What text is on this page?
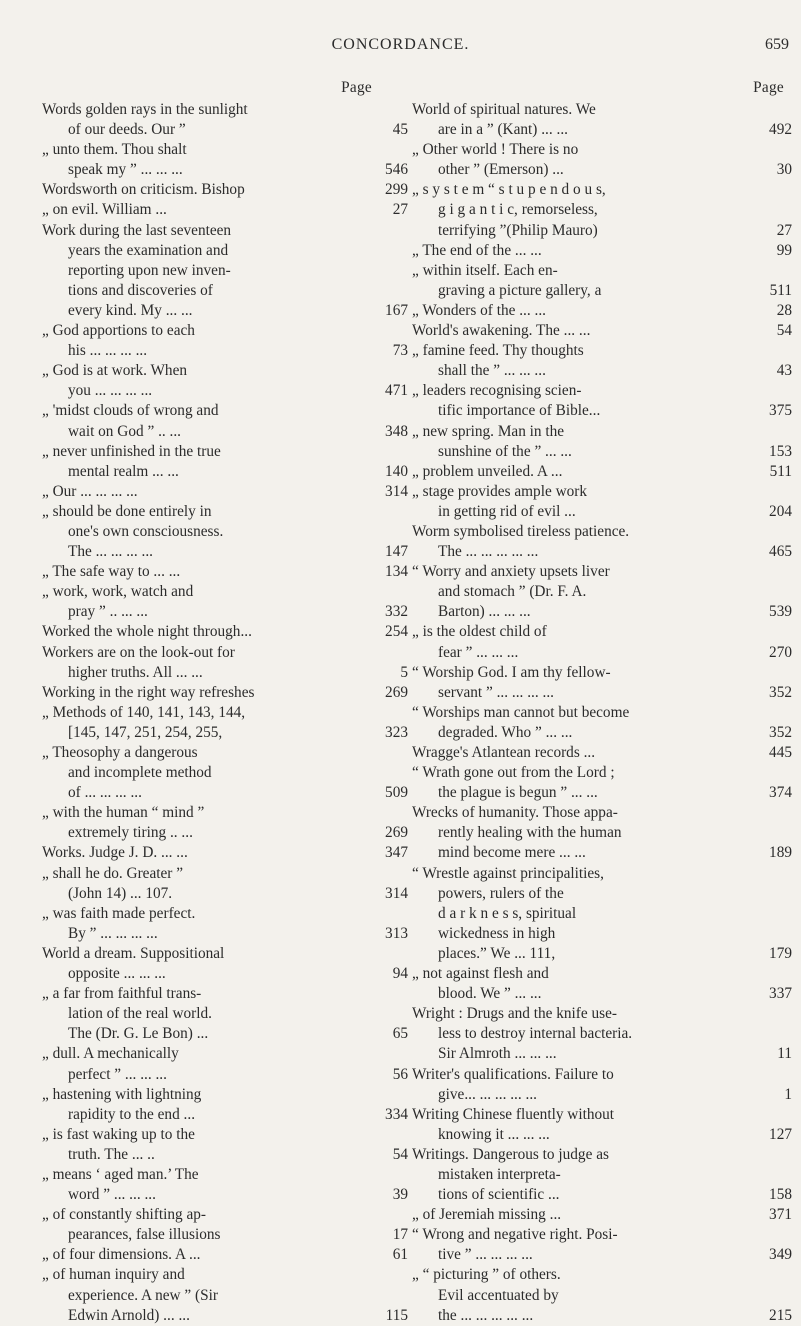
CONCORDANCE.	659
Page
Words golden rays in the sunlight
of our deeds. Our ”	45
„ unto them. Thou shalt
speak my ” ... ... ...	546
Wordsworth on criticism. Bishop	299
„ on evil. William ...	27
Work during the last seventeen
years the examination and
reporting upon new inven-
tions and discoveries of
every kind. My ... ...	167
„ God apportions to each
his ... ... ... ...	73
„ God is at work. When
you ... ... ... ...	471
„ 'midst clouds of wrong and
wait on God ” .. ...	348
„ never unfinished in the true
mental realm ... ...	140
„ Our ... ... ... ...	314
„ should be done entirely in
one's own consciousness.
The ... ... ... ...	147
„ The safe way to ... ...	134
„ work, work, watch and
pray ” .. ... ...	332
Worked the whole night through...	254
Workers are on the look-out for
higher truths. All ... ...	5
Working in the right way refreshes	269
„ Methods of 140, 141, 143, 144,
[145, 147, 251, 254, 255,	323
„ Theosophy a dangerous
and incomplete method
of ... ... ... ...	509
„ with the human “ mind ”
extremely tiring .. ...	269
Works. Judge J. D. ... ...	347
„ shall he do. Greater ”
(John 14) ... 107.	314
„ was faith made perfect.
By ” ... ... ... ...	313
World a dream. Suppositional
opposite ... ... ...	94
„ a far from faithful trans-
lation of the real world.
The (Dr. G. Le Bon) ...	65
„ dull. A mechanically
perfect ” ... ... ...	56
„ hastening with lightning
rapidity to the end ...	334
„ is fast waking up to the
truth. The ... ..	54
„ means ‘ aged man.’ The
word ” ... ... ...	39
„ of constantly shifting ap-
pearances, false illusions	17
„ of four dimensions. A ...	61
„ of human inquiry and
experience. A new ” (Sir
Edwin Arnold) ... ...	115
Page
World of spiritual natures. We
are in a ” (Kant) ... ...	492
„ Other world ! There is no
other ” (Emerson) ...	30
„ s y s t e m “ s t u p e n d o u s,
g i g a n t i c, remorseless,
terrifying ”(Philip Mauro)	27
„ The end of the ... ...	99
„ within itself. Each en-
graving a picture gallery, a	511
„ Wonders of the ... ...	28
World's awakening. The ... ...	54
„ famine feed. Thy thoughts
shall the ” ... ... ...	43
„ leaders recognising scien-
tific importance of Bible...	375
„ new spring. Man in the
sunshine of the ” ... ...	153
„ problem unveiled. A ...	511
„ stage provides ample work
in getting rid of evil ...	204
Worm symbolised tireless patience.
The ... ... ... ... ...	465
“ Worry and anxiety upsets liver
and stomach ” (Dr. F. A.
Barton) ... ... ...	539
„ is the oldest child of
fear ” ... ... ...	270
“ Worship God. I am thy fellow-
servant ” ... ... ... ...	352
“ Worships man cannot but become
degraded. Who ” ... ...	352
Wragge's Atlantean records ...	445
“ Wrath gone out from the Lord ;
the plague is begun ” ... ...	374
Wrecks of humanity. Those appa-
rently healing with the human
mind become mere ... ...	189
“ Wrestle against principalities,
powers, rulers of the
d a r k n e s s, spiritual
wickedness in high
places.” We ... 111,	179
„ not against flesh and
blood. We ” ... ...	337
Wright : Drugs and the knife use-
less to destroy internal bacteria.
Sir Almroth ... ... ...	11
Writer's qualifications. Failure to
give... ... ... ... ...	1
Writing Chinese fluently without
knowing it ... ... ...	127
Writings. Dangerous to judge as
mistaken interpreta-
tions of scientific ...	158
„ of Jeremiah missing ...	371
“ Wrong and negative right. Posi-
tive ” ... ... ... ...	349
„ “ picturing ” of others.
Evil accentuated by
the ... ... ... ... ...	215
